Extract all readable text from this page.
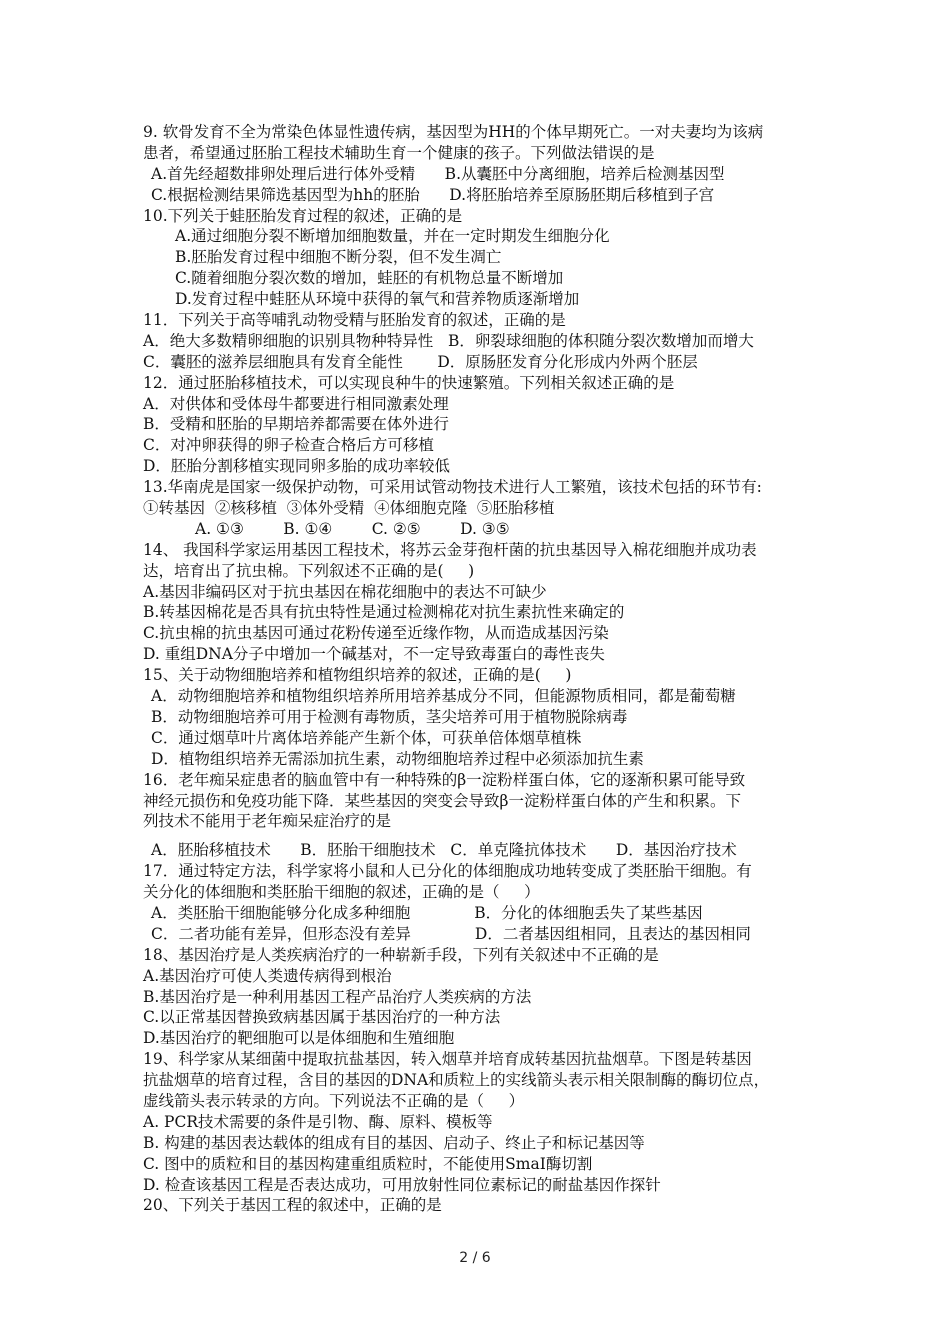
9. 软骨发育不全为常染色体显性遗传病，基因型为HH的个体早期死亡。一对夫妻均为该病
患者，希望通过胚胎工程技术辅助生育一个健康的孩子。下列做法错误的是
A.首先经超数排卵处理后进行体外受精      B.从囊胚中分离细胞，培养后检测基因型
C.根据检测结果筛选基因型为hh的胚胎      D.将胚胎培养至原肠胚期后移植到子宫
10.下列关于蛙胚胎发育过程的叙述，正确的是
A.通过细胞分裂不断增加细胞数量，并在一定时期发生细胞分化
B.胚胎发育过程中细胞不断分裂，但不发生凋亡
C.随着细胞分裂次数的增加，蛙胚的有机物总量不断增加
D.发育过程中蛙胚从环境中获得的氧气和营养物质逐渐增加
11．下列关于高等哺乳动物受精与胚胎发育的叙述，正确的是
A．绝大多数精卵细胞的识别具物种特异性   B．卵裂球细胞的体积随分裂次数增加而增大
C．囊胚的滋养层细胞具有发育全能性       D．原肠胚发育分化形成内外两个胚层
12．通过胚胎移植技术，可以实现良种牛的快速繁殖。下列相关叙述正确的是
A．对供体和受体母牛都要进行相同激素处理
B．受精和胚胎的早期培养都需要在体外进行
C．对冲卵获得的卵子检查合格后方可移植
D．胚胎分割移植实现同卵多胎的成功率较低
13.华南虎是国家一级保护动物，可采用试管动物技术进行人工繁殖，该技术包括的环节有:
①转基因  ②核移植  ③体外受精  ④体细胞克隆  ⑤胚胎移植
A. ①③        B. ①④        C. ②⑤        D. ③⑤
14、 我国科学家运用基因工程技术，将苏云金芽孢杆菌的抗虫基因导入棉花细胞并成功表
达，培育出了抗虫棉。下列叙述不正确的是(     )
A.基因非编码区对于抗虫基因在棉花细胞中的表达不可缺少
B.转基因棉花是否具有抗虫特性是通过检测棉花对抗生素抗性来确定的
C.抗虫棉的抗虫基因可通过花粉传递至近缘作物，从而造成基因污染
D. 重组DNA分子中增加一个碱基对，不一定导致毒蛋白的毒性丧失
15、关于动物细胞培养和植物组织培养的叙述，正确的是(     )
A．动物细胞培养和植物组织培养所用培养基成分不同，但能源物质相同，都是葡萄糖
B．动物细胞培养可用于检测有毒物质，茎尖培养可用于植物脱除病毒
C．通过烟草叶片离体培养能产生新个体，可获单倍体烟草植株
D．植物组织培养无需添加抗生素，动物细胞培养过程中必须添加抗生素
16．老年痴呆症患者的脑血管中有一种特殊的β一淀粉样蛋白体，它的逐渐积累可能导致
神经元损伤和免疫功能下降．某些基因的突变会导致β一淀粉样蛋白体的产生和积累。下
列技术不能用于老年痴呆症治疗的是
A．胚胎移植技术      B．胚胎干细胞技术   C．单克隆抗体技术      D．基因治疗技术
17．通过特定方法，科学家将小鼠和人已分化的体细胞成功地转变成了类胚胎干细胞。有
关分化的体细胞和类胚胎干细胞的叙述，正确的是（     ）
A．类胚胎干细胞能够分化成多种细胞             B．分化的体细胞丢失了某些基因
C．二者功能有差异，但形态没有差异             D．二者基因组相同，且表达的基因相同
18、基因治疗是人类疾病治疗的一种崭新手段，下列有关叙述中不正确的是
A.基因治疗可使人类遗传病得到根治
B.基因治疗是一种利用基因工程产品治疗人类疾病的方法
C.以正常基因替换致病基因属于基因治疗的一种方法
D.基因治疗的靶细胞可以是体细胞和生殖细胞
19、科学家从某细菌中提取抗盐基因，转入烟草并培育成转基因抗盐烟草。下图是转基因
抗盐烟草的培育过程，含目的基因的DNA和质粒上的实线箭头表示相关限制酶的酶切位点，
虚线箭头表示转录的方向。下列说法不正确的是（     ）
A. PCR技术需要的条件是引物、酶、原料、模板等
B. 构建的基因表达载体的组成有目的基因、启动子、终止子和标记基因等
C. 图中的质粒和目的基因构建重组质粒时，不能使用SmaⅠ酶切割
D. 检查该基因工程是否表达成功，可用放射性同位素标记的耐盐基因作探针
20、下列关于基因工程的叙述中，正确的是
2 / 6
